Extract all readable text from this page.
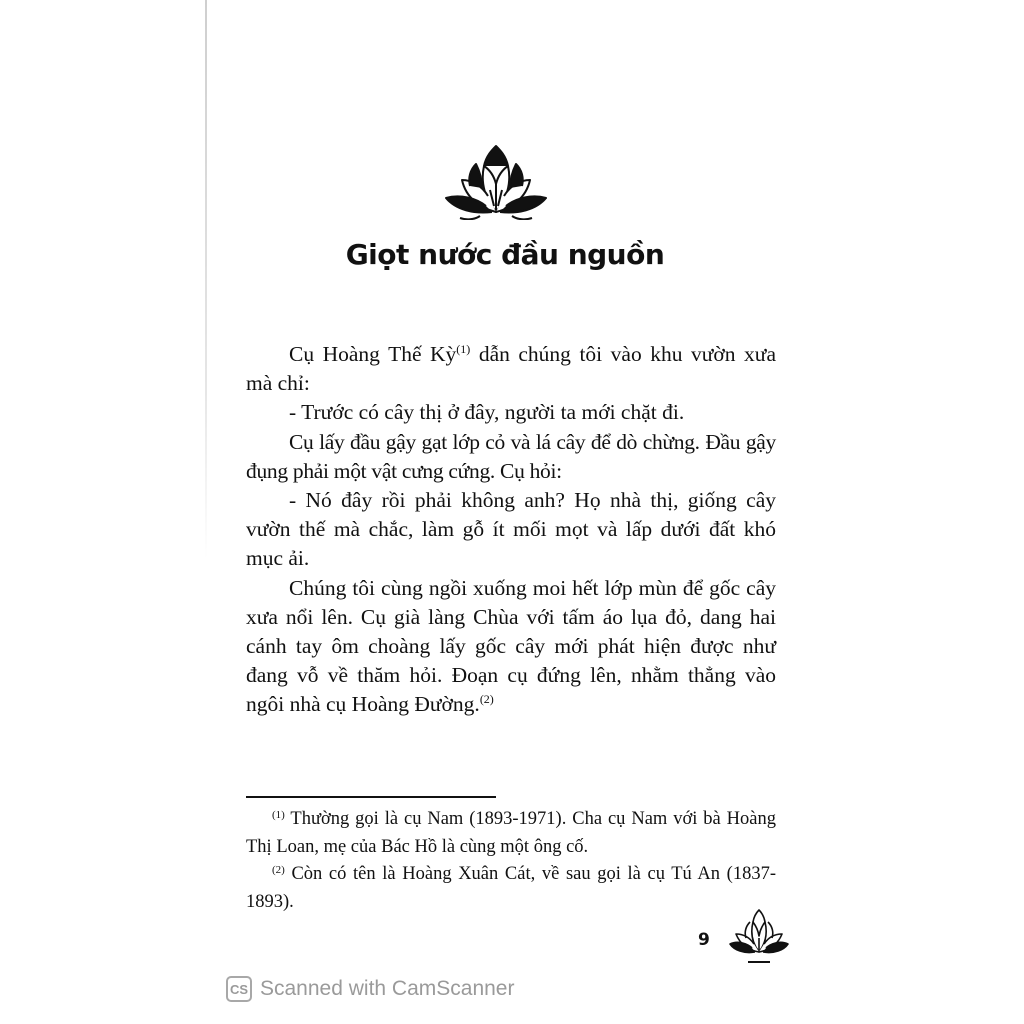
Giọt nước đầu nguồn

Cụ Hoàng Thế Kỳ$^{(1)}$ dẫn chúng tôi vào khu vườn xưa mà chỉ:

- Trước có cây thị ở đây, người ta mới chặt đi.

Cụ lấy đầu gậy gạt lớp cỏ và lá cây để dò chừng. Đầu gậy đụng phải một vật cưng cứng. Cụ hỏi:

- Nó đây rồi phải không anh? Họ nhà thị, giống cây vườn thế mà chắc, làm gỗ ít mối mọt và lấp dưới đất khó mục ải.

Chúng tôi cùng ngồi xuống moi hết lớp mùn để gốc cây xưa nổi lên. Cụ già làng Chùa với tấm áo lụa đỏ, dang hai cánh tay ôm choàng lấy gốc cây mới phát hiện được như đang vỗ về thăm hỏi. Đoạn cụ đứng lên, nhằm thẳng vào ngôi nhà cụ Hoàng Đường.$^{(2)}$

$^{(1)}$ Thường gọi là cụ Nam (1893-1971). Cha cụ Nam với bà Hoàng Thị Loan, mẹ của Bác Hồ là cùng một ông cố.

$^{(2)}$ Còn có tên là Hoàng Xuân Cát, về sau gọi là cụ Tú An (1837-1893).

9
CS Scanned with CamScanner
